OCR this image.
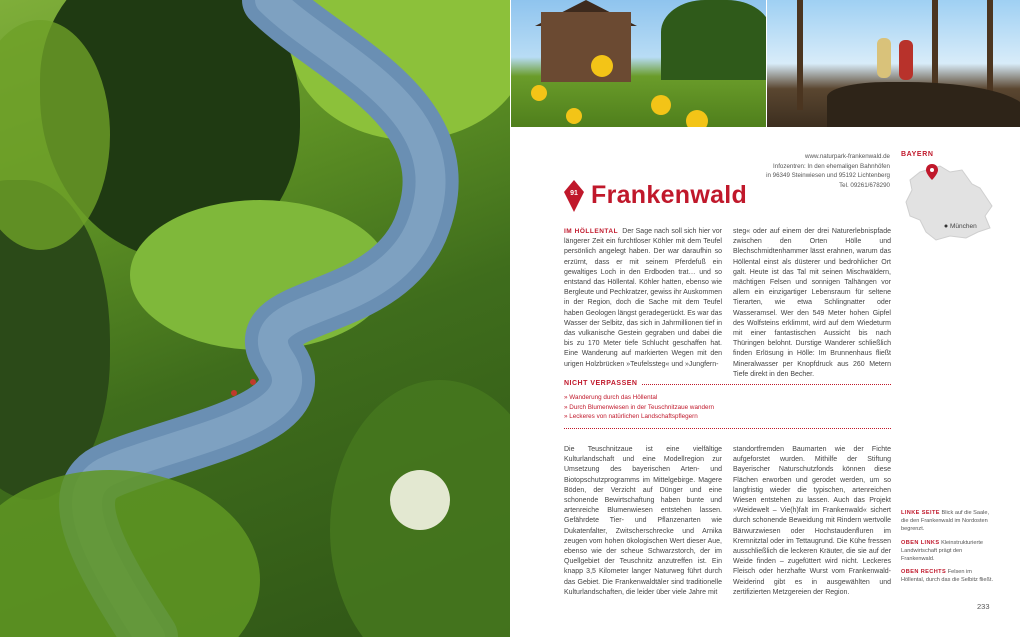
www.naturpark-frankenwald.de
Infozentren: In den ehemaligen Bahnhöfen
in 96349 Steinwiesen und 95192 Lichtenberg
Tel. 09261/678290
BAYERN
München
91 Frankenwald
IM HÖLLENTAL Der Sage nach soll sich hier vor längerer Zeit ein furchtloser Köhler mit dem Teufel persönlich angelegt haben. Der war daraufhin so erzürnt, dass er mit seinem Pferdefuß ein gewaltiges Loch in den Erdboden trat… und so entstand das Höllental. Köhler hatten, ebenso wie Bergleute und Pechkratzer, gewiss ihr Auskommen in der Region, doch die Sache mit dem Teufel haben Geologen längst geradegerückt. Es war das Wasser der Selbitz, das sich in Jahrmillionen tief in das vulkanische Gestein gegraben und dabei die bis zu 170 Meter tiefe Schlucht geschaffen hat. Eine Wanderung auf markierten Wegen mit den urigen Holzbrücken »Teufelssteg« und »Jungfern-
steg« oder auf einem der drei Naturerlebnispfade zwischen den Orten Hölle und Blechschmidtenhammer lässt erahnen, warum das Höllental einst als düsterer und bedrohlicher Ort galt. Heute ist das Tal mit seinen Mischwäldern, mächtigen Felsen und sonnigen Talhängen vor allem ein einzigartiger Lebensraum für seltene Tierarten, wie etwa Schlingnatter oder Wasseramsel. Wer den 549 Meter hohen Gipfel des Wolfsteins erklimmt, wird auf dem Wiedeturm mit einer fantastischen Aussicht bis nach Thüringen belohnt. Durstige Wanderer schließlich finden Erlösung in Hölle: Im Brunnenhaus fließt Mineralwasser per Knopfdruck aus 260 Metern Tiefe direkt in den Becher.
NICHT VERPASSEN
» Wanderung durch das Höllental
» Durch Blumenwiesen in der Teuschnitzaue wandern
» Leckeres von natürlichen Landschaftspflegern
Die Teuschnitzaue ist eine vielfältige Kulturlandschaft und eine Modellregion zur Umsetzung des bayerischen Arten- und Biotopschutzprogramms im Mittelgebirge. Magere Böden, der Verzicht auf Dünger und eine schonende Bewirtschaftung haben bunte und artenreiche Blumenwiesen entstehen lassen. Gefährdete Tier- und Pflanzenarten wie Dukatenfalter, Zwitscherschrecke und Arnika zeugen vom hohen ökologischen Wert dieser Aue, ebenso wie der scheue Schwarzstorch, der im Quellgebiet der Teuschnitz anzutreffen ist. Ein knapp 3,5 Kilometer langer Naturweg führt durch das Gebiet. Die Frankenwaldtäler sind traditionelle Kulturlandschaften, die leider über viele Jahre mit
standortfremden Baumarten wie der Fichte aufgeforstet wurden. Mithilfe der Stiftung Bayerischer Naturschutzfonds können diese Flächen erworben und gerodet werden, um so langfristig wieder die typischen, artenreichen Wiesen entstehen zu lassen. Auch das Projekt »Weidewelt – Vie(h)falt im Frankenwald« sichert durch schonende Beweidung mit Rindern wertvolle Bärwurzwiesen oder Hochstaudenfluren im Kremnitztal oder im Tettaugrund. Die Kühe fressen ausschließlich die leckeren Kräuter, die sie auf der Weide finden – zugefüttert wird nicht. Leckeres Fleisch oder herzhafte Wurst vom Frankenwald-Weiderind gibt es in ausgewählten und zertifizierten Metzgereien der Region.
LINKE SEITE Blick auf die Saale, die den Frankenwald im Nordosten begrenzt.
OBEN LINKS Kleinstrukturierte Landwirtschaft prägt den Frankenwald.
OBEN RECHTS Felsen im Höllental, durch das die Selbitz fließt.
233
